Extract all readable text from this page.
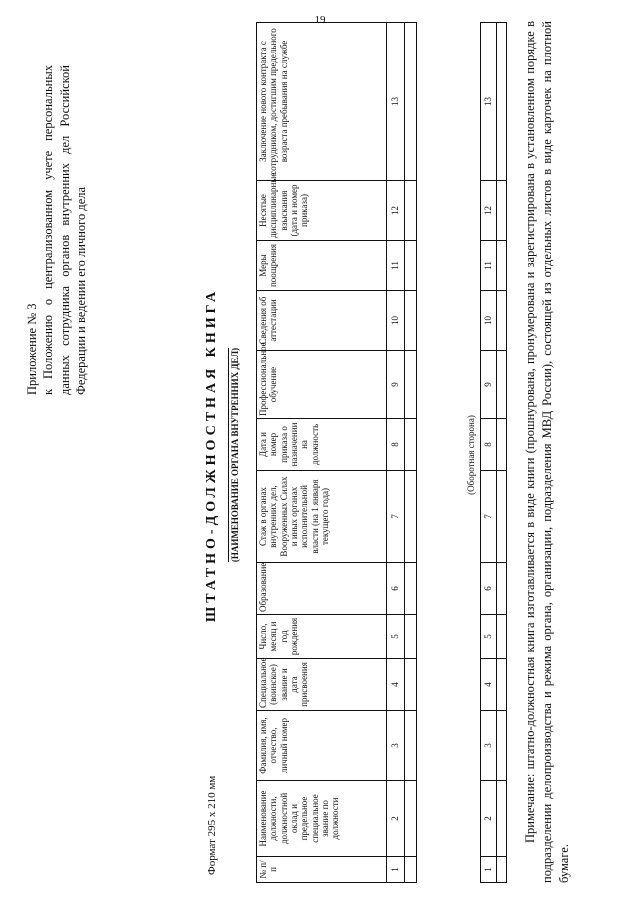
19
Приложение № 3 к Положению о централизованном учете персональных данных сотрудника органов внутренних дел Российской Федерации и ведении его личного дела	ШТАТНО-ДОЛЖНОСТНАЯ КНИГА (НАИМЕНОВАНИЕ ОРГАНА ВНУТРЕННИХ ДЕЛ)
Формат 295 х 210 мм	№ п/п	Наименование должности, должностной оклад и предельное специальное звание по должности	Фамилия, имя, отчество, личный номер	Специальное (воинское) звание и дата присвоения	Число, месяц и год рождения	Образование	Стаж в органах внутренних дел, Вооруженных Силах и иных органах исполнительной власти (на 1 января текущего года)	Дата и номер приказа о назначении на должность	Профессиональное обучение	Сведения об аттестации	Меры поощрения	Несятые дисциплинарные взыскания (дата и номер приказа)	Заключение нового контракта с сотрудником, достигшим предельного возраста пребывания на службе
1	2	3	4	5	6	7	8	9	10	11	12	13

(Оборотная сторона)
1	2	3	4	5	6	7	8	9	10	11	12	13
												Примечание: штатно-должностная книга изготавливается в виде книги (прошнурована, пронумерована и зарегистрирована в установленном порядке в подразделении делопроизводства и режима органа, организации, подразделения МВД России), состоящей из отдельных листов в виде карточек на плотной бумаге.
